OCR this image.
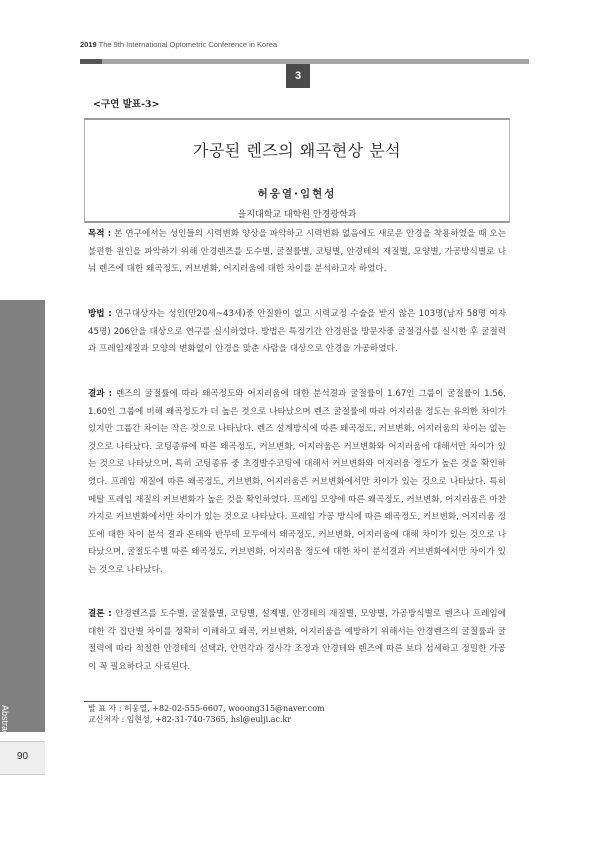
2019 The 9th International Optometric Conference in Korea
3
<구연 발표-3>
가공된 렌즈의 왜곡현상 분석
허웅열·임현성
을지대학교 대학원 안경광학과
목적 : 본 연구에서는 성인들의 시력변화 양상을 파악하고 시력변화 없음에도 새로운 안경을 착용하였을 때 오는 불편한 원인을 파악하기 위해 안경렌즈를 도수별, 굴절률별, 코팅별, 안경테의 재질별, 모양별, 가공방식별로 나눠 렌즈에 대한 왜곡정도, 커브변화, 어지러움에 대한 차이를 분석하고자 하였다.
방법 : 연구대상자는 성인(만20세~43세)중 안질환이 없고 시력교정 수술을 받지 않은 103명(남자 58명 여자 45명) 206안을 대상으로 연구를 실시하였다. 방법은 특정기간 안경원을 방문자중 굴절검사를 실시한 후 굴절력과 프레임재질과 모양의 변화없이 안경을 맞춘 사람을 대상으로 안경을 가공하였다.
결과 : 렌즈의 굴절률에 따라 왜곡정도와 어지러움에 대한 분석결과 굴절률이 1.67인 그룹이 굴절률이 1.56, 1.60인 그룹에 비해 왜곡정도가 더 높은 것으로 나타났으며 렌즈 굴절률에 따라 어지러움 정도는 유의한 차이가 있지만 그룹간 차이는 작은 것으로 나타났다. 렌즈 설계방식에 따른 왜곡정도, 커브변화, 어지러움의 차이는 없는 것으로 나타났다. 코팅종류에 따른 왜곡정도, 커브변화, 어지러움은 커브변화와 어지러움에 대해서만 차이가 있는 것으로 나타났으며, 특히 코팅종류 중 초경발수코팅에 대해서 커브변화와 어지러움 정도가 높은 것을 확인하였다. 프레임 재질에 따른 왜곡정도, 커브변화, 어지러움은 커브변화에서만 차이가 있는 것으로 나타났다. 특히 메탈 프레임 재질의 커브변화가 높은 것을 확인하였다. 프레임 모양에 따른 왜곡정도, 커브변화, 어지러움은 마찬가지로 커브변화에서만 차이가 있는 것으로 나타났다. 프레임 가공 방식에 따른 왜곡정도, 커브변화, 어지러움 정도에 대한 차이 분석 결과 온테와 반무테 모두에서 왜곡정도, 커브변화, 어지러움에 대해 차이가 있는 것으로 나타났으며, 굴절도수별 따른 왜곡정도, 커브변화, 어지러움 정도에 대한 차이 분석결과 커브변화에서만 차이가 있는 것으로 나타났다.
결론 : 안경렌즈를 도수별, 굴절률별, 코팅별, 설계별, 안경테의 재질별, 모양별, 가공방식별로 렌즈나 프레임에 대한 각 집단별 차이를 정확히 이해하고 왜곡, 커브변화, 어지러움을 예방하기 위해서는 안경렌즈의 굴절률과 굴절력에 따라 적절한 안경테의 선택과, 안면각과 경사각 조정과 안경테와 렌즈에 따른 보다 섬세하고 정밀한 가공이 꼭 필요하다고 사료된다.
발 표 자 : 허웅열, +82-02-555-6607, wooong315@naver.com
교신저자 : 임현성, +82-31-740-7365, hsl@eulji.ac.kr
Abstract
90
